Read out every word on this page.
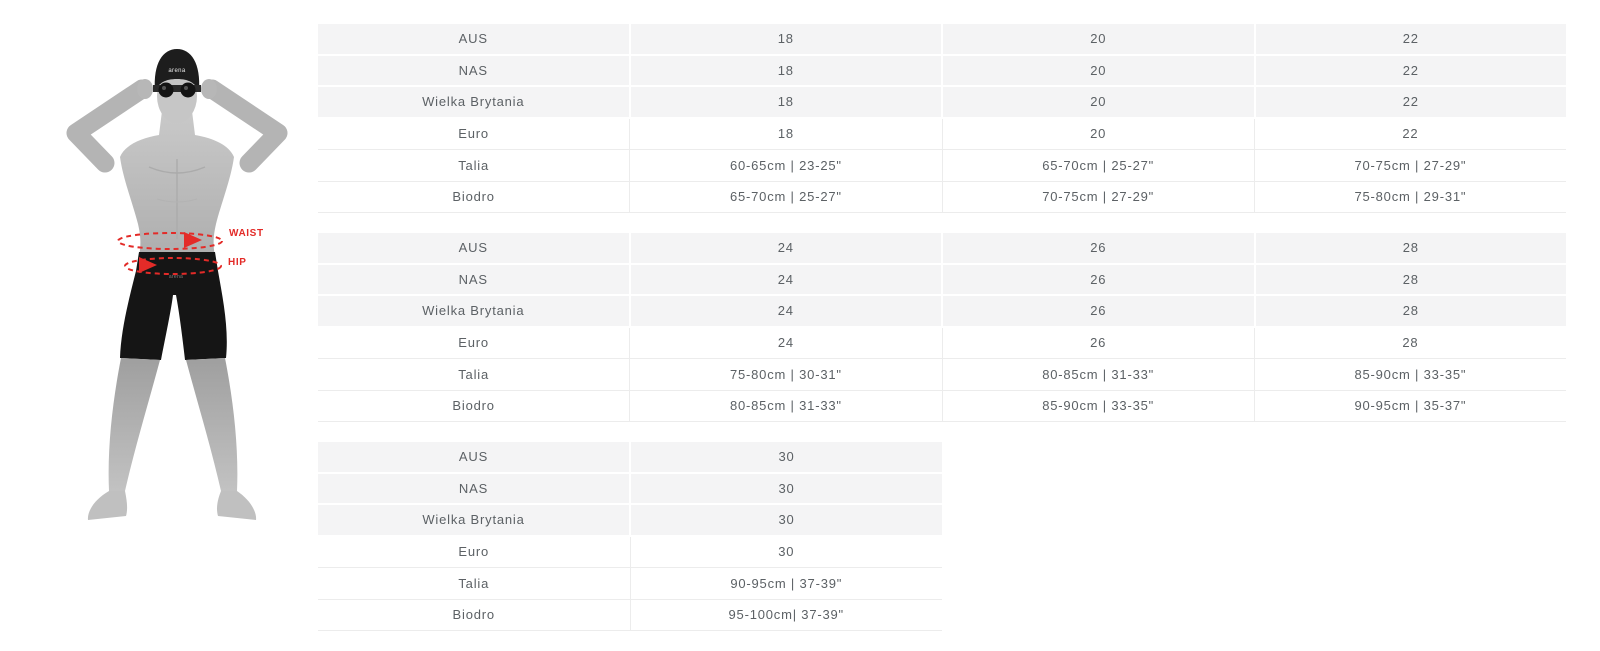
arena
arena
WAIST
HIP
AUS	18	20	22
NAS	18	20	22
Wielka Brytania	18	20	22
Euro	18	20	22
Talia	60-65cm | 23-25"	65-70cm | 25-27"	70-75cm | 27-29"
Biodro	65-70cm | 25-27"	70-75cm | 27-29"	75-80cm | 29-31"
AUS	24	26	28
NAS	24	26	28
Wielka Brytania	24	26	28
Euro	24	26	28
Talia	75-80cm | 30-31"	80-85cm | 31-33"	85-90cm | 33-35"
Biodro	80-85cm | 31-33"	85-90cm | 33-35"	90-95cm | 35-37"
AUS	30
NAS	30
Wielka Brytania	30
Euro	30
Talia	90-95cm | 37-39"
Biodro	95-100cm| 37-39"
